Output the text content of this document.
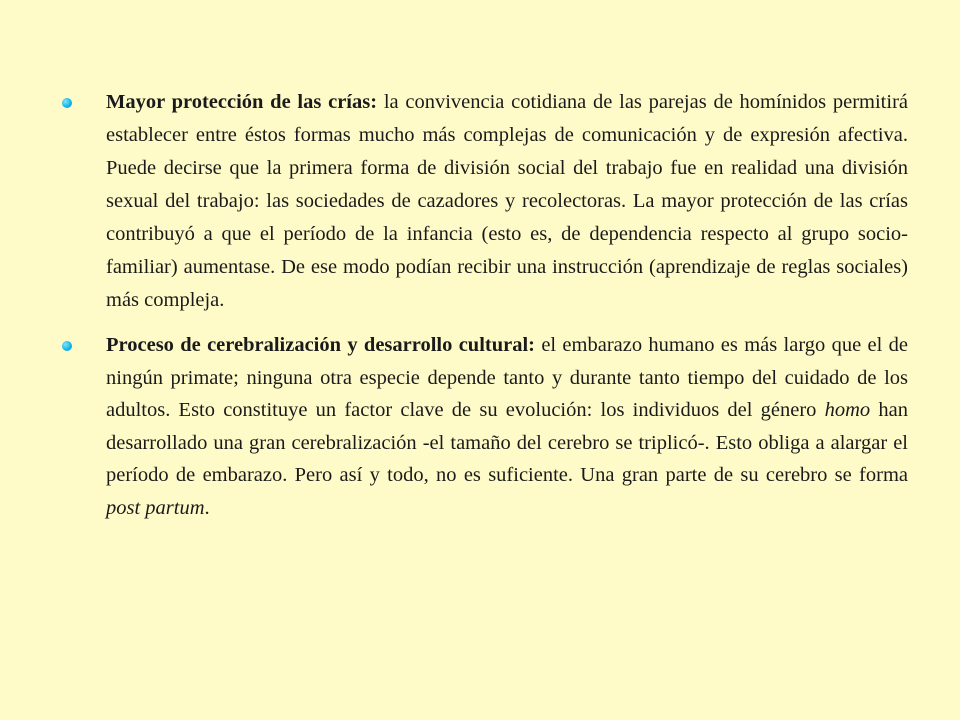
Mayor protección de las crías: la convivencia cotidiana de las parejas de homínidos permitirá establecer entre éstos formas mucho más complejas de comunicación y de expresión afectiva. Puede decirse que la primera forma de división social del trabajo fue en realidad una división sexual del trabajo: las sociedades de cazadores y recolectoras. La mayor protección de las crías contribuyó a que el período de la infancia (esto es, de dependencia respecto al grupo socio- familiar) aumentase. De ese modo podían recibir una instrucción (aprendizaje de reglas sociales) más compleja.
Proceso de cerebralización y desarrollo cultural: el embarazo humano es más largo que el de ningún primate; ninguna otra especie depende tanto y durante tanto tiempo del cuidado de los adultos. Esto constituye un factor clave de su evolución: los individuos del género homo han desarrollado una gran cerebralización -el tamaño del cerebro se triplicó-. Esto obliga a alargar el período de embarazo. Pero así y todo, no es suficiente. Una gran parte de su cerebro se forma post partum.
